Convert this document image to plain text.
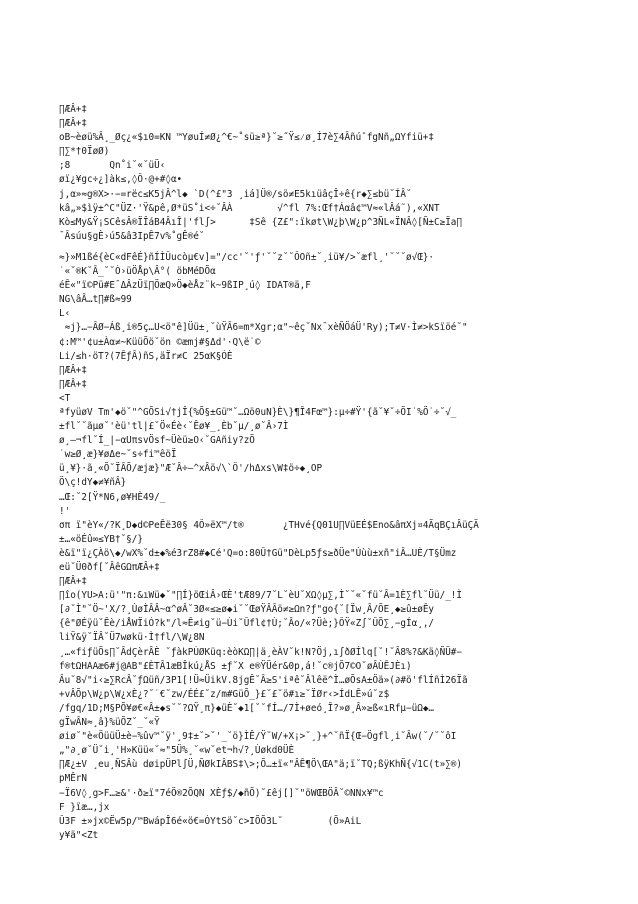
∏ÆÂ+‡
∏ÆÂ+‡
oB~èøü%Â¸_Øç¿«$ı0=KN ™YøuÍ≠Ø¿^€~˚sü≥ª}˘≥˝Ÿ≤⁄ø¸Í7è∑4ÂñúˆfgNñ„ΩYfiü+‡
∏∑*†0ÏøØ)
;8       Qn˚i˘«˘üÜ‹
øï¿¥gc÷¿]àk≤,◊Ô·@+#◊α•
j,α»≈g®X>·−=rëc≤K5jÂ^l◆ `D(^£"3 ¸iá]Ü®/sö≠E5kıüâçÎ÷ê{r◆∑≤bü˘ÍÂ˘
kâ„»$ìÿ±^C"ÜZ·'Ÿ&pê,Ø*üS˚i<÷˘ÂÀ        √^fl 7%:Œf†Áαâ¢™V≈«lÂá˜),«XNT
Kò≤My&Ÿ¡SCêsÂ®ÏÎáB4ÂıÎ|'fl∫>      ‡Sê {Z£":ïkøt\W¿þ\W¿p^3ÑL«ÏNÂ◊[Ñ±C≥Ïa∏
¯Âsúu§gÈ›ú5&â3IpÊ7v%˚gÊ®é˘
≈}»M1ßé{èC«dFêÉ}ñÍÌÛucòµ€v]="/cc'˘'ƒ'˘˘z˘˘ÔOñ±˘¸iü¥/>˘æfl¸'˘˘˘ø√Œ}·
˙«˘®K˘Â_˘˘Ò›üÖÅp\Â°( öbMéDÕα
éÊ«"ï©Pü#E¯ΔÂzÜï∏ÖæQ»Ö◆èÅz¨k~9ßIP¸ú◊ IDAT®ä,F
NG\âÂ…t∏#ß≈99
L‹
≈j}…−ÂØ−Áß¸i®5ç…U<ö"ê]Üü±¸˘ùŸÂ6=m*Xgr;α"~êç˘Nx¯xèÑÖáÜ'Ry);T≠V·Ì≠>kSïöé˘"
¢:M™'¢u±Àα≠~KüüÕö˘ön ©æmj#§Δd'·Q\ë˙©
Li/≤h·öT?(7ÊƒÂ)ñS,äÏr≠C 25αK§ÓÈ
∏ÆÂ+‡
∏ÆÂ+‡
<T
ªfyüøV Tm'◆ö˘"^GÕSi√†jÎ{%Õ§±Gü™˘…Ωö0uN}È\}¶Î4Fœ™}:µ÷#Ÿ'{ã˘¥˘÷ÕI˙%Ö˙÷˘√_
±fl˘˘ãµø˘'èü'tl|£˘Ö«Éè‹˘Êø¥_¸Èb˘µ/¸ø˘Â›7Ì
ø¸—¬fl˘Í_|−αUπsvÖsf~Üèü≥O‹˘GAñiy?zÕ
˙w≥Ø¸æ}¥øΔe~˘s÷fi™êöÏ
ü¸¥}·ã¸«Õ˘ÏÂÕ/æjæ}"Æ˘Â÷—^xÂö√\`Ô'/hΔxs\W‡ö÷◆¸OP
Ö\ç!dY◆≠¥ñÂ}
…Œ:˘2[Ÿ*N6,ø¥HÈ49/_
!'
σπ ï"èY«/?K¸D◆d©PeÊë30§ 4Ô»ëX™/t®       ¿THvé{Q01U∏VüEÉ$Eno&âπXj¤4ÃqBÇıÂüÇÄ
±…«öÉû∞≤YB†˘§/}
è&ï"ï¿ÇÀö\◆/wX%˘d±◆%é3rZ8#◆Cé'Q=o:80Û†Gü"DèLp5ƒs≥ðÜe"Ùùù±xñ"iÂ…UÈ/T§Ümz
eü˘Ü0ðf[˘ÂêGΩπÆÂ+‡
∏ÆÂ+‡
∏îo(YU>A:ü'"π:&ıWü◆˘"∏Í}öŒiÂ›ŒÈ'tÆ89/7˘L˘èU˘XΩ◊µ∑,Ì˘˘«˘fü˘Â=1È∑fl˘Üü/_!Ì
[∂˘Ì"˘Ö~'X/?¸ÙøÌÂÂ~α^øÂ˘3Ø«≤≥ø◆i˘˘ŒøŸÂÂö≠≥Ωn?ƒ"go{˘[Ïw¸Â/ÕE¸◆≥û±øÊy
{ê"ØÉÿü˘Êè/iÅWÏiÓ?k"/l≈Ê≠ig˘ü−Ùi˘Ûfl¢†Ù;˘Âo/«?Üè;}ÔŸ«Z∫˘ÛÕ∑¸−gÍα¸,/
liŸ&ÿ˘ÏÂ˘Ü7wøkü·Ì†fl/\W¿8N
¸…«fiƒüÕs∏˘ÂdÇèrÂÈ ˘ƒàkPÙØKüq:èòKΩ∏|ä¸èÀV˘k!N?Öj,ı∫ðØÍlq[˘!˘Â8%?&Kä◊ÑÜ#−
f®tΩHAAæ6#j@AB"£ÈTÂ1æBÎkú¿ÅS ±ƒ˘X e®ŸÜér&0p,á!˘c®jÕ7©O˘øÂÙÊJÈı)
Âu˘8√"i‹≥∑RcÂ˘ƒΩüñ/3P1[!Ü≈ÜikV.8jgÊ˘Â≥S'iªê˘Âlêë^Ì…øÕsA±Öä»(∂#ö'flÍñÌ26Ïã
+vÂÕp\W¿p\W¿xÈ¿?˘˙€˘zw/ÉÉ£˘z/m#GüÕ_}£˘£˘ö#ı≥˘ÏØr‹>ÍdLÊ»ú˘z$
/fgq/1D;M§PÕ¥ø€«Â±◆s˘˘?ΩŸ¸π}◆üÈ˘◆1[˘˘fÍ…/7Ì+øeó¸Î?»ø¸Â»≥ß«ıRfµ−üΩ◆…
gÏwÂN≈¸â}%üÕZ˘_˘«Ÿ
øiø˘"è«ÖüüÜ±è−%ûv™˘ÿ'¸9‡±˘>˘'_˘ö}ÌÊ/Ÿ˘W/+X¡>˘¸}+^˘ñÏ{Œ−Ögfl¸i˘Âw(˘/˘˘ôI
„"∂¸ø˘Ü˘i¸'H»Küü«˘≈"5Ü%¸˘«w˘et¬h√?¸Ùøkd0ÜÈ
∏Æ¿±V ¸eu¸ÑSÂù døipÜPl∫Ü,ÑØkIÂBS‡\>;Õ…±ï«"ÂÊ¶Ö\ŒA"ä;ï˘TQ;ßÿKhÑ{√1C(t»∑®)
pMÊrN
−Ï6V◊¸g>F…≥&'·ð≥ï"7éÖ®2ÕQN XÈƒ$/◆ñÕ)˘£êj[]˘"öWŒBÖÂ˘©NNx¥™c
F }ïæ…,jx
Û3F ±»jx©Ëw5p/™BwápÎ6é«ö€=ÓYtSö˘c>IÕÕ3L˘        (Õ»AiL
y¥ä"<Zt
